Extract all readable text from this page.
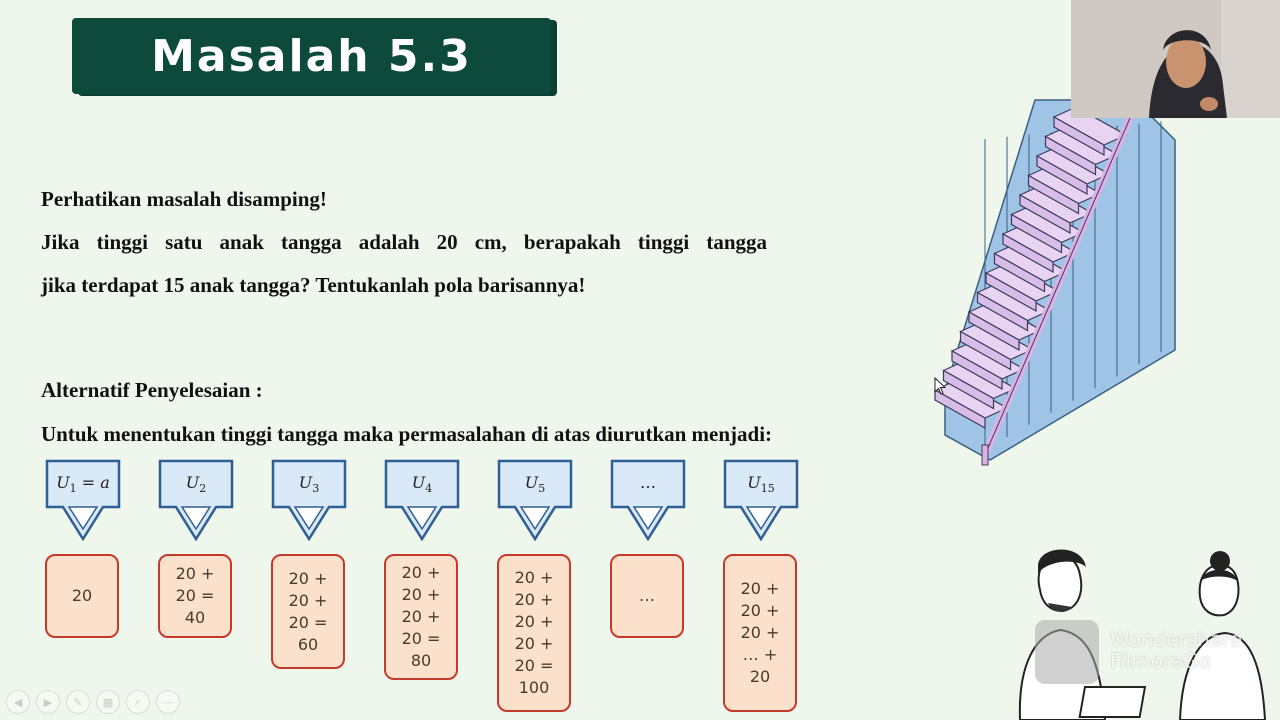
Masalah 5.3
Perhatikan masalah disamping!
Jika tinggi satu anak tangga adalah 20 cm, berapakah tinggi tangga
jika terdapat 15 anak tangga? Tentukanlah pola barisannya!
Alternatif Penyelesaian :
Untuk menentukan tinggi tangga maka permasalahan di atas diurutkan menjadi:
$U_1 = a$
20
$U_2$
20 +
20 =
40
$U_3$
20 +
20 +
20 =
60
$U_4$
20 +
20 +
20 +
20 =
80
$U_5$
20 +
20 +
20 +
20 +
20 =
100
…
…
$U_{15}$
20 +
20 +
20 +
… +
20
Wondershare
FilmoraGo
◀	▶	✎	▦	⌕	⋯
